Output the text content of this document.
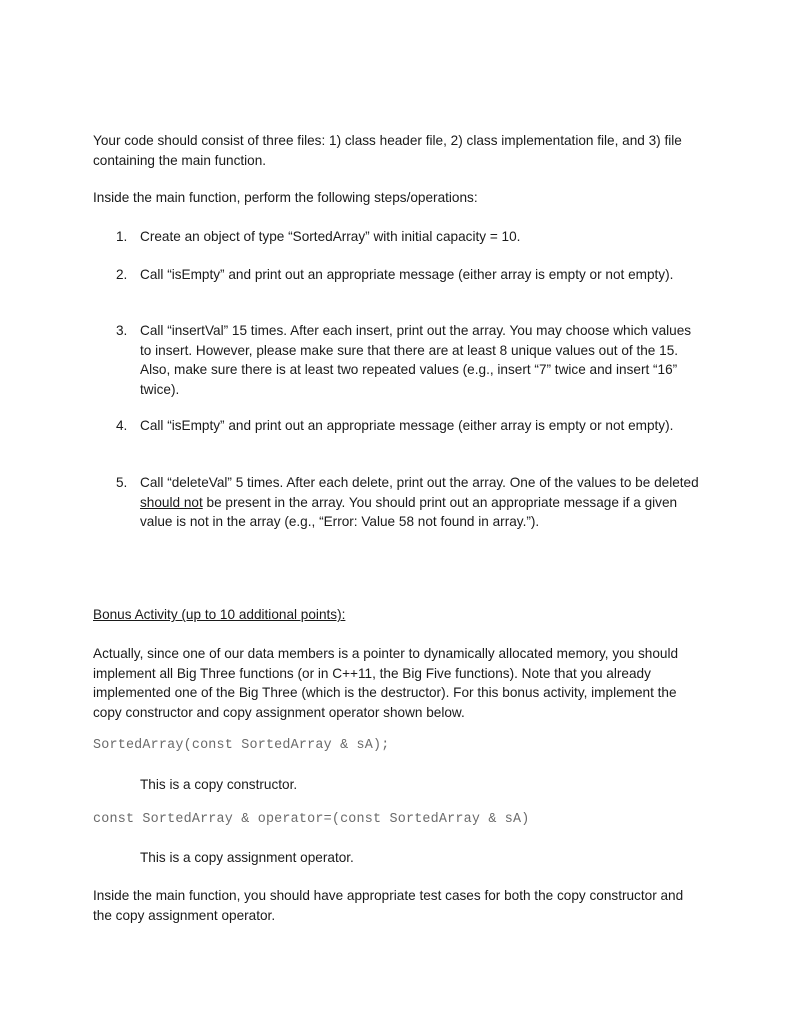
Your code should consist of three files: 1) class header file, 2) class implementation file, and 3) file containing the main function.

Inside the main function, perform the following steps/operations:

1. Create an object of type “SortedArray” with initial capacity = 10.
2. Call “isEmpty” and print out an appropriate message (either array is empty or not empty).
3. Call “insertVal” 15 times. After each insert, print out the array. You may choose which values to insert. However, please make sure that there are at least 8 unique values out of the 15. Also, make sure there is at least two repeated values (e.g., insert “7” twice and insert “16” twice).
4. Call “isEmpty” and print out an appropriate message (either array is empty or not empty).
5. Call “deleteVal” 5 times. After each delete, print out the array. One of the values to be deleted should not be present in the array. You should print out an appropriate message if a given value is not in the array (e.g., “Error: Value 58 not found in array.”).

Bonus Activity (up to 10 additional points):

Actually, since one of our data members is a pointer to dynamically allocated memory, you should implement all Big Three functions (or in C++11, the Big Five functions). Note that you already implemented one of the Big Three (which is the destructor). For this bonus activity, implement the copy constructor and copy assignment operator shown below.

SortedArray(const SortedArray & sA);
This is a copy constructor.
const SortedArray & operator=(const SortedArray & sA)
This is a copy assignment operator.

Inside the main function, you should have appropriate test cases for both the copy constructor and the copy assignment operator.
